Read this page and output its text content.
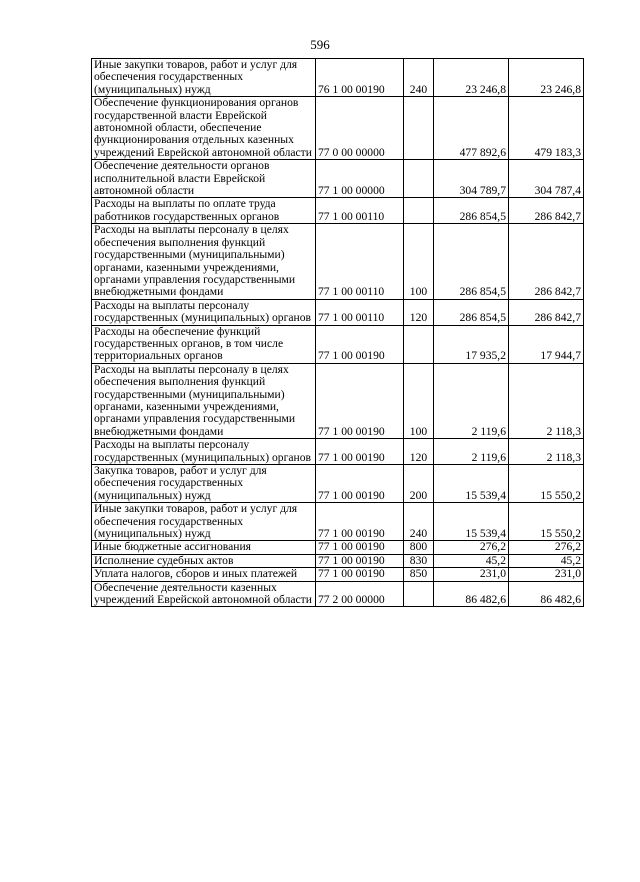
596
Иные закупки товаров, работ и услуг для обеспечения государственных (муниципальных) нужд	76 1 00 00190	240	23 246,8	23 246,8
Обеспечение функционирования органов государственной власти Еврейской автономной области, обеспечение функционирования отдельных казенных учреждений Еврейской автономной области	77 0 00 00000		477 892,6	479 183,3
Обеспечение деятельности органов исполнительной власти Еврейской автономной области	77 1 00 00000		304 789,7	304 787,4
Расходы на выплаты по оплате труда работников государственных органов	77 1 00 00110		286 854,5	286 842,7
Расходы на выплаты персоналу в целях обеспечения выполнения функций государственными (муниципальными) органами, казенными учреждениями, органами управления государственными внебюджетными фондами	77 1 00 00110	100	286 854,5	286 842,7
Расходы на выплаты персоналу государственных (муниципальных) органов	77 1 00 00110	120	286 854,5	286 842,7
Расходы на обеспечение функций государственных органов, в том числе территориальных органов	77 1 00 00190		17 935,2	17 944,7
Расходы на выплаты персоналу в целях обеспечения выполнения функций государственными (муниципальными) органами, казенными учреждениями, органами управления государственными внебюджетными фондами	77 1 00 00190	100	2 119,6	2 118,3
Расходы на выплаты персоналу государственных (муниципальных) органов	77 1 00 00190	120	2 119,6	2 118,3
Закупка товаров, работ и услуг для обеспечения государственных (муниципальных) нужд	77 1 00 00190	200	15 539,4	15 550,2
Иные закупки товаров, работ и услуг для обеспечения государственных (муниципальных) нужд	77 1 00 00190	240	15 539,4	15 550,2
Иные бюджетные ассигнования	77 1 00 00190	800	276,2	276,2
Исполнение судебных актов	77 1 00 00190	830	45,2	45,2
Уплата налогов, сборов и иных платежей	77 1 00 00190	850	231,0	231,0
Обеспечение деятельности казенных учреждений Еврейской автономной области	77 2 00 00000		86 482,6	86 482,6
